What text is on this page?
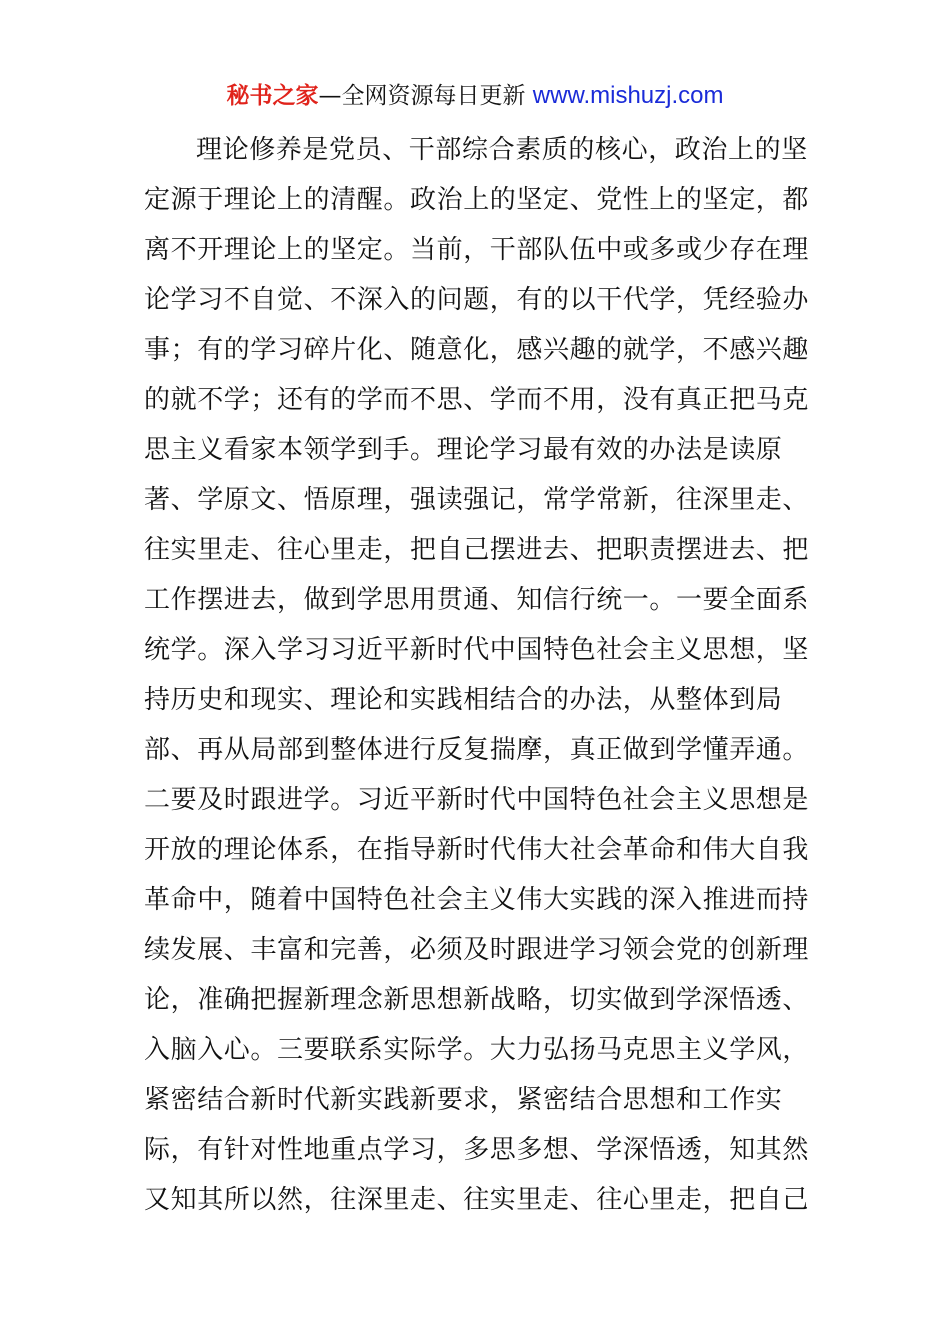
秘书之家—全网资源每日更新 www.mishuzj.com
理论修养是党员、干部综合素质的核心，政治上的坚
定源于理论上的清醒。政治上的坚定、党性上的坚定，都
离不开理论上的坚定。当前，干部队伍中或多或少存在理
论学习不自觉、不深入的问题，有的以干代学，凭经验办
事；有的学习碎片化、随意化，感兴趣的就学，不感兴趣
的就不学；还有的学而不思、学而不用，没有真正把马克
思主义看家本领学到手。理论学习最有效的办法是读原
著、学原文、悟原理，强读强记，常学常新，往深里走、
往实里走、往心里走，把自己摆进去、把职责摆进去、把
工作摆进去，做到学思用贯通、知信行统一。一要全面系
统学。深入学习习近平新时代中国特色社会主义思想，坚
持历史和现实、理论和实践相结合的办法，从整体到局
部、再从局部到整体进行反复揣摩，真正做到学懂弄通。
二要及时跟进学。习近平新时代中国特色社会主义思想是
开放的理论体系，在指导新时代伟大社会革命和伟大自我
革命中，随着中国特色社会主义伟大实践的深入推进而持
续发展、丰富和完善，必须及时跟进学习领会党的创新理
论，准确把握新理念新思想新战略，切实做到学深悟透、
入脑入心。三要联系实际学。大力弘扬马克思主义学风，
紧密结合新时代新实践新要求，紧密结合思想和工作实
际，有针对性地重点学习，多思多想、学深悟透，知其然
又知其所以然，往深里走、往实里走、往心里走，把自己
